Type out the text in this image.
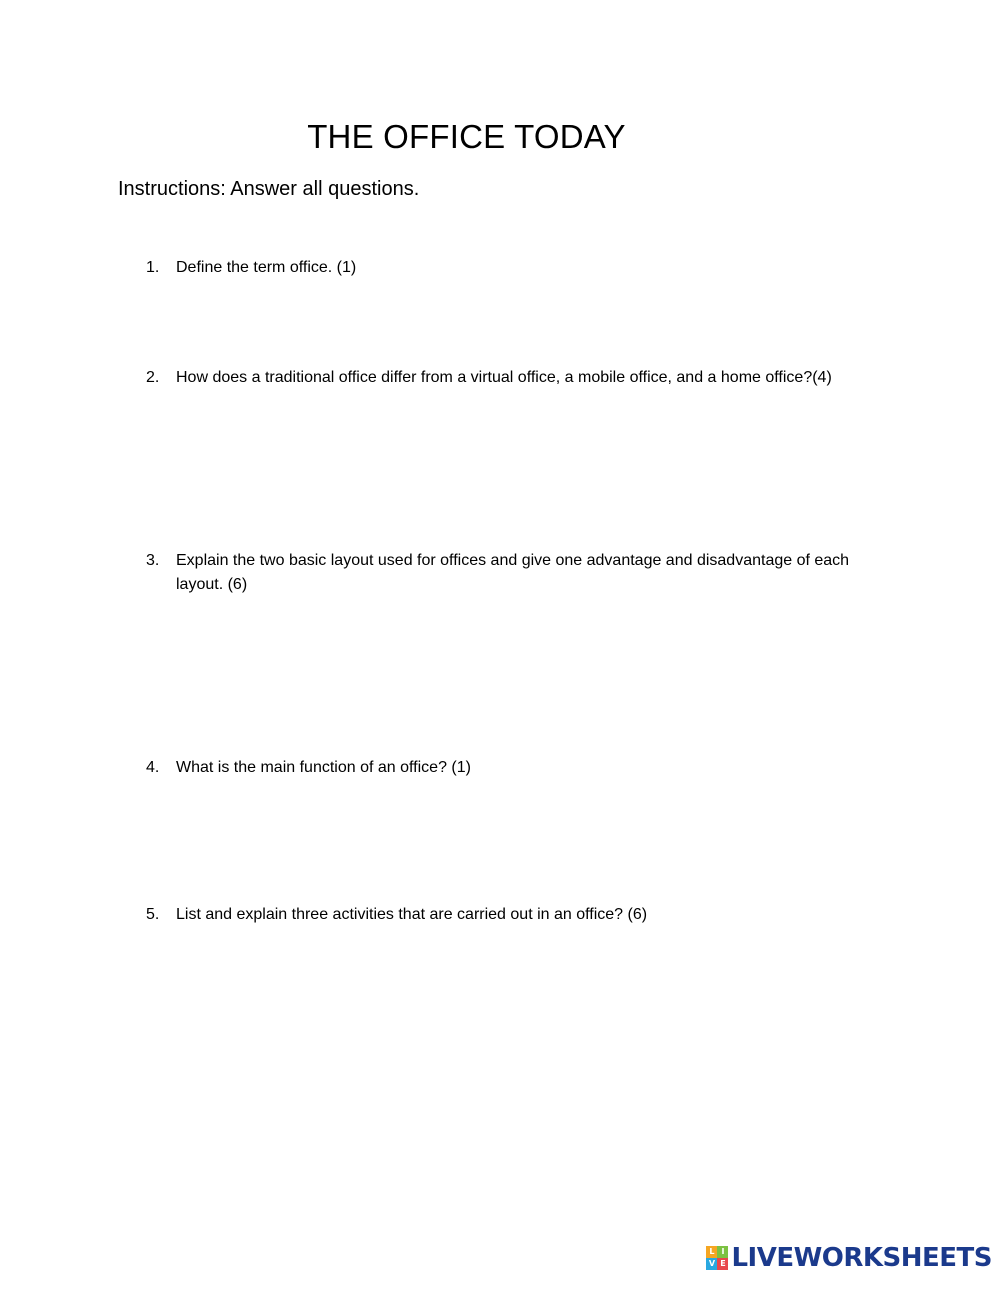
THE OFFICE TODAY
Instructions: Answer all questions.
1.	Define the term office. (1)
2.	How does a traditional office differ from a virtual office, a mobile office, and a home office?(4)
3.	Explain the two basic layout used for offices and give one advantage and disadvantage of each layout. (6)
4.	What is the main function of an office? (1)
5.	List and explain three activities that are carried out in an office? (6)
L I
V E LIVEWORKSHEETS
